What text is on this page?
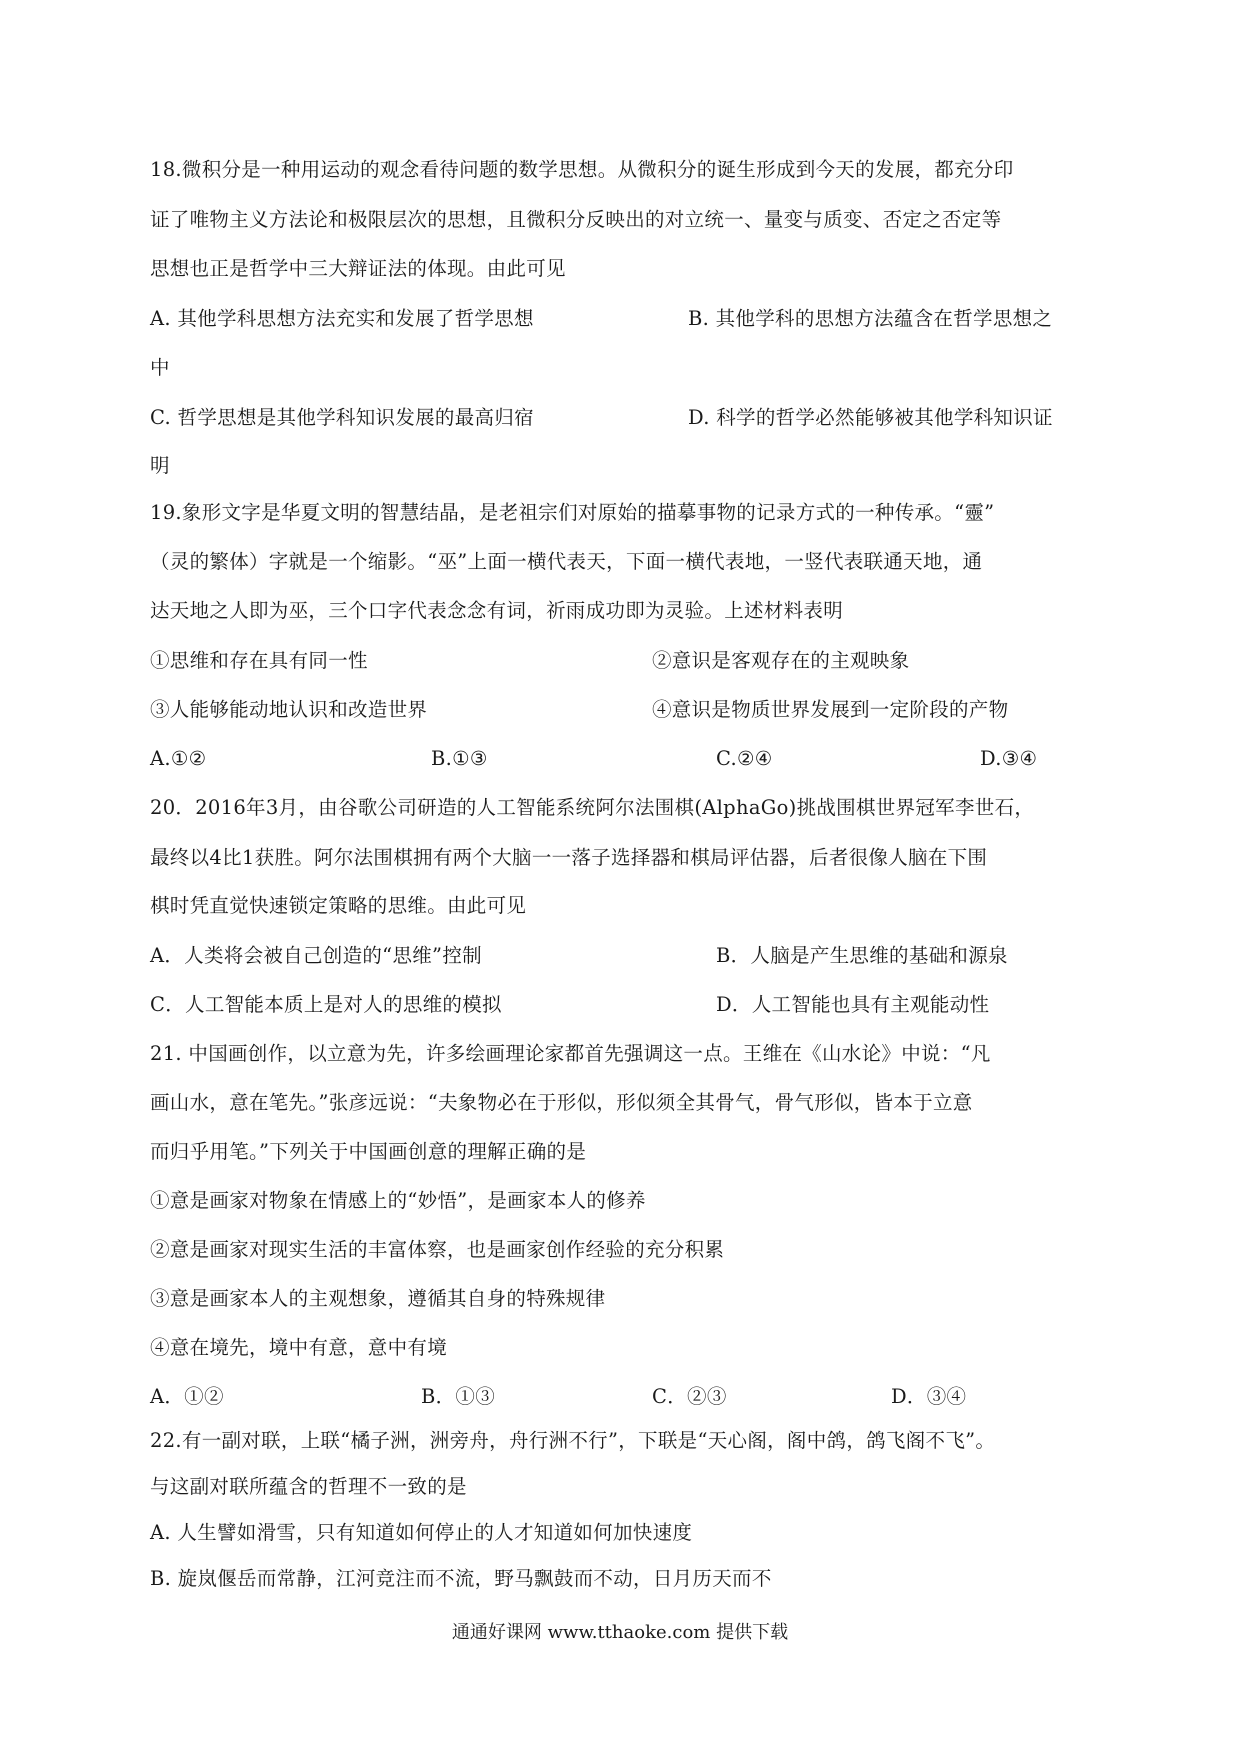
18.微积分是一种用运动的观念看待问题的数学思想。从微积分的诞生形成到今天的发展，都充分印
证了唯物主义方法论和极限层次的思想，且微积分反映出的对立统一、量变与质变、否定之否定等
思想也正是哲学中三大辩证法的体现。由此可见
A. 其他学科思想方法充实和发展了哲学思想	B. 其他学科的思想方法蕴含在哲学思想之
中
C. 哲学思想是其他学科知识发展的最高归宿	D. 科学的哲学必然能够被其他学科知识证
明
19.象形文字是华夏文明的智慧结晶，是老祖宗们对原始的描摹事物的记录方式的一种传承。“靈”
（灵的繁体）字就是一个缩影。“巫”上面一横代表天，下面一横代表地，一竖代表联通天地，通
达天地之人即为巫，三个口字代表念念有词，祈雨成功即为灵验。上述材料表明
①思维和存在具有同一性	②意识是客观存在的主观映象
③人能够能动地认识和改造世界	④意识是物质世界发展到一定阶段的产物
A.①②	B.①③	C.②④	D.③④
20．2016年3月，由谷歌公司研造的人工智能系统阿尔法围棋(AlphaGo)挑战围棋世界冠军李世石，
最终以4比1获胜。阿尔法围棋拥有两个大脑一一落子选择器和棋局评估器，后者很像人脑在下围
棋时凭直觉快速锁定策略的思维。由此可见
A．人类将会被自己创造的“思维”控制	B．人脑是产生思维的基础和源泉
C．人工智能本质上是对人的思维的模拟	D．人工智能也具有主观能动性
21. 中国画创作，以立意为先，许多绘画理论家都首先强调这一点。王维在《山水论》中说：“凡
画山水，意在笔先。”张彦远说：“夫象物必在于形似，形似须全其骨气，骨气形似，皆本于立意
而归乎用笔。”下列关于中国画创意的理解正确的是
①意是画家对物象在情感上的“妙悟”，是画家本人的修养
②意是画家对现实生活的丰富体察，也是画家创作经验的充分积累
③意是画家本人的主观想象，遵循其自身的特殊规律
④意在境先，境中有意，意中有境
A．①②	B．①③	C．②③	D．③④
22.有一副对联，上联“橘子洲，洲旁舟，舟行洲不行”，下联是“天心阁，阁中鸽，鸽飞阁不飞”。
与这副对联所蕴含的哲理不一致的是
A. 人生譬如滑雪，只有知道如何停止的人才知道如何加快速度
B. 旋岚偃岳而常静，江河竞注而不流，野马飘鼓而不动，日月历天而不
通通好课网 www.tthaoke.com 提供下载
